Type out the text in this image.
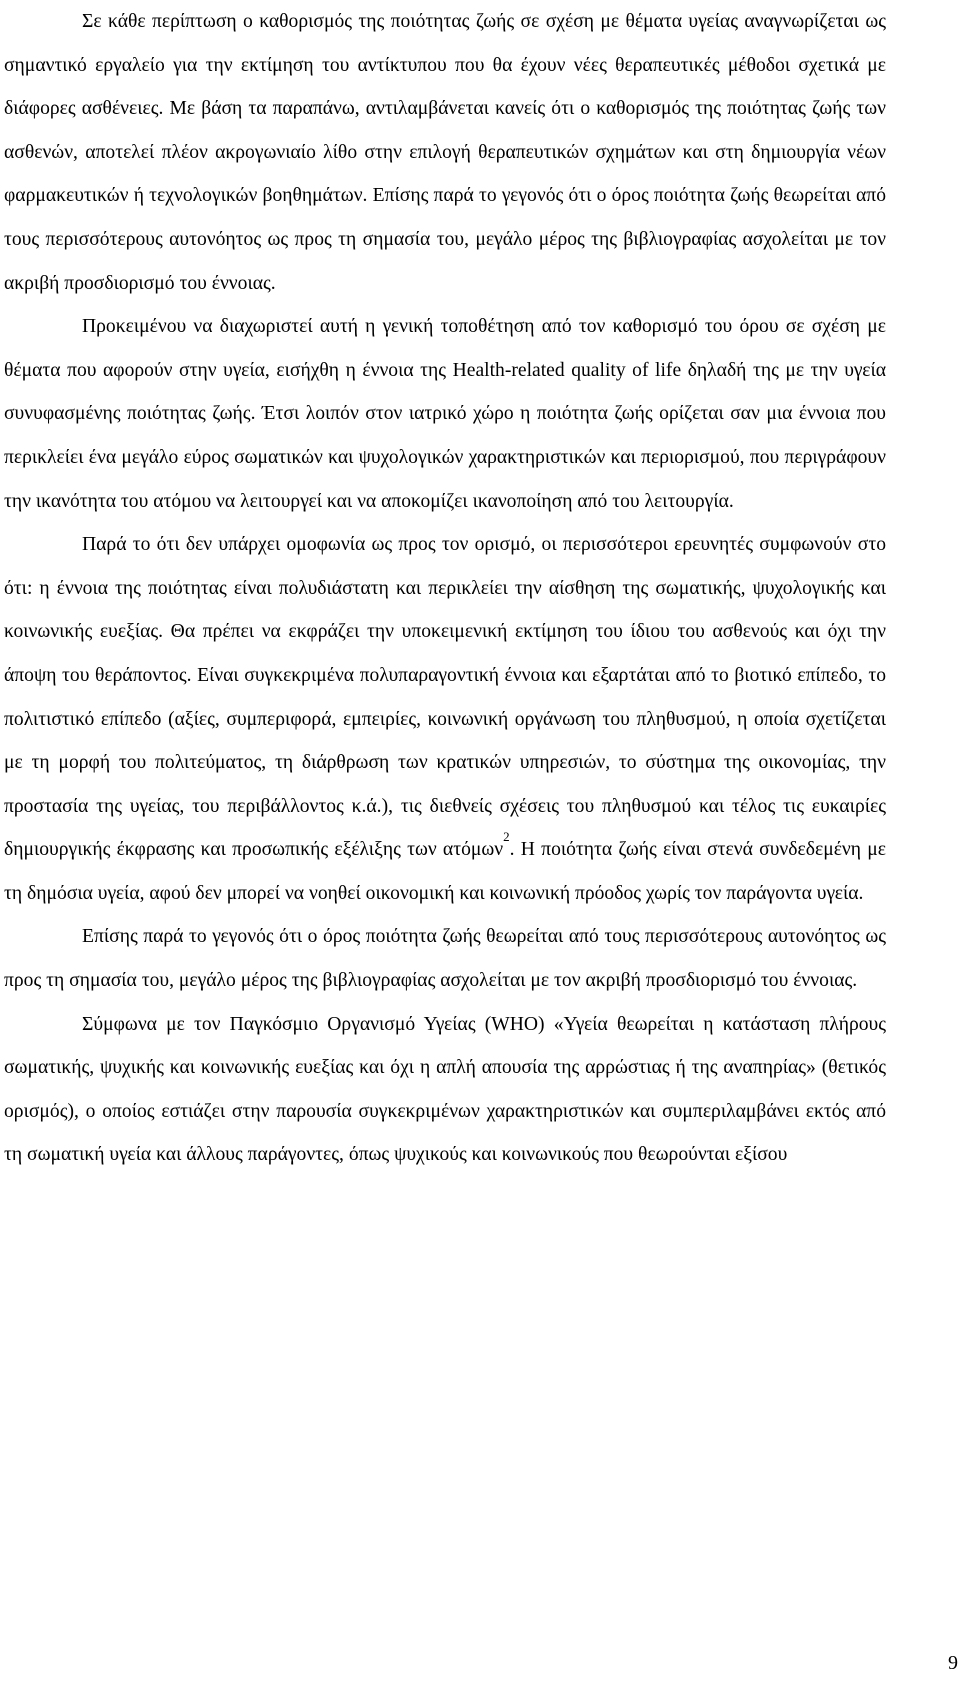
Σε κάθε περίπτωση ο καθορισμός της ποιότητας ζωής σε σχέση με θέματα υγείας αναγνωρίζεται ως σημαντικό εργαλείο για την εκτίμηση του αντίκτυπου που θα έχουν νέες θεραπευτικές μέθοδοι σχετικά με διάφορες ασθένειες. Με βάση τα παραπάνω, αντιλαμβάνεται κανείς ότι ο καθορισμός της ποιότητας ζωής των ασθενών, αποτελεί πλέον ακρογωνιαίο λίθο στην επιλογή θεραπευτικών σχημάτων και στη δημιουργία νέων φαρμακευτικών ή τεχνολογικών βοηθημάτων. Επίσης παρά το γεγονός ότι ο όρος ποιότητα ζωής θεωρείται από τους περισσότερους αυτονόητος ως προς τη σημασία του, μεγάλο μέρος της βιβλιογραφίας ασχολείται με τον ακριβή προσδιορισμό του έννοιας.

Προκειμένου να διαχωριστεί αυτή η γενική τοποθέτηση από τον καθορισμό του όρου σε σχέση με θέματα που αφορούν στην υγεία, εισήχθη η έννοια της Health-related quality of life δηλαδή της με την υγεία συνυφασμένης ποιότητας ζωής. Έτσι λοιπόν στον ιατρικό χώρο η ποιότητα ζωής ορίζεται σαν μια έννοια που περικλείει ένα μεγάλο εύρος σωματικών και ψυχολογικών χαρακτηριστικών και περιορισμού, που περιγράφουν την ικανότητα του ατόμου να λειτουργεί και να αποκομίζει ικανοποίηση από του λειτουργία.

Παρά το ότι δεν υπάρχει ομοφωνία ως προς τον ορισμό, οι περισσότεροι ερευνητές συμφωνούν στο ότι: η έννοια της ποιότητας είναι πολυδιάστατη και περικλείει την αίσθηση της σωματικής, ψυχολογικής και κοινωνικής ευεξίας. Θα πρέπει να εκφράζει την υποκειμενική εκτίμηση του ίδιου του ασθενούς και όχι την άποψη του θεράποντος. Είναι συγκεκριμένα πολυπαραγοντική έννοια και εξαρτάται από το βιοτικό επίπεδο, το πολιτιστικό επίπεδο (αξίες, συμπεριφορά, εμπειρίες, κοινωνική οργάνωση του πληθυσμού, η οποία σχετίζεται με τη μορφή του πολιτεύματος, τη διάρθρωση των κρατικών υπηρεσιών, το σύστημα της οικονομίας, την προστασία της υγείας, του περιβάλλοντος κ.ά.), τις διεθνείς σχέσεις του πληθυσμού και τέλος τις ευκαιρίες δημιουργικής έκφρασης και προσωπικής εξέλιξης των ατόμων$^2$. Η ποιότητα ζωής είναι στενά συνδεδεμένη με τη δημόσια υγεία, αφού δεν μπορεί να νοηθεί οικονομική και κοινωνική πρόοδος χωρίς τον παράγοντα υγεία.

Επίσης παρά το γεγονός ότι ο όρος ποιότητα ζωής θεωρείται από τους περισσότερους αυτονόητος ως προς τη σημασία του, μεγάλο μέρος της βιβλιογραφίας ασχολείται με τον ακριβή προσδιορισμό του έννοιας.

Σύμφωνα με τον Παγκόσμιο Οργανισμό Υγείας (WHO) «Υγεία θεωρείται η κατάσταση πλήρους σωματικής, ψυχικής και κοινωνικής ευεξίας και όχι η απλή απουσία της αρρώστιας ή της αναπηρίας» (θετικός ορισμός), ο οποίος εστιάζει στην παρουσία συγκεκριμένων χαρακτηριστικών και συμπεριλαμβάνει εκτός από τη σωματική υγεία και άλλους παράγοντες, όπως ψυχικούς και κοινωνικούς που θεωρούνται εξίσου

9
